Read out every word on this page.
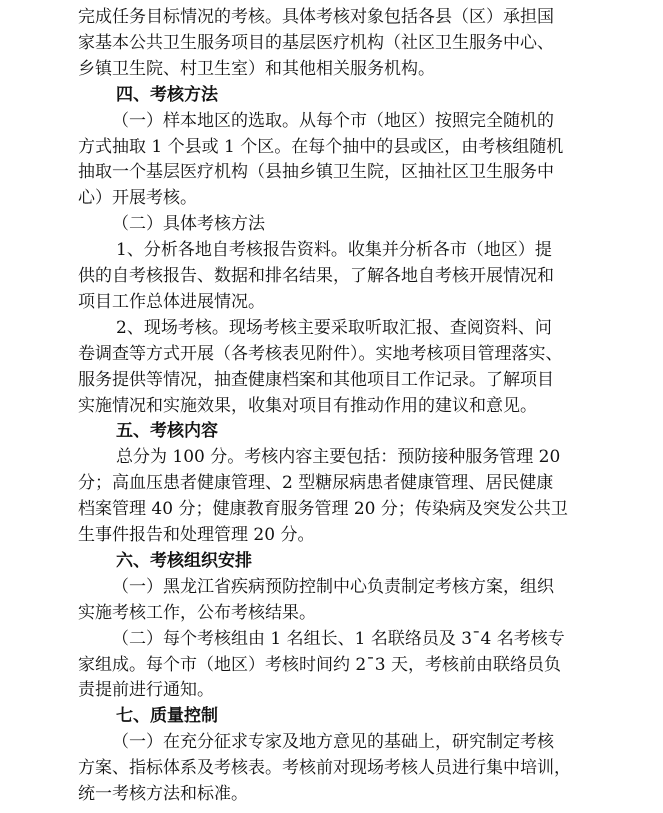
完成任务目标情况的考核。具体考核对象包括各县（区）承担国
家基本公共卫生服务项目的基层医疗机构（社区卫生服务中心、
乡镇卫生院、村卫生室）和其他相关服务机构。
四、考核方法
（一）样本地区的选取。从每个市（地区）按照完全随机的
方式抽取 1 个县或 1 个区。在每个抽中的县或区，由考核组随机
抽取一个基层医疗机构（县抽乡镇卫生院，区抽社区卫生服务中
心）开展考核。
（二）具体考核方法
1、分析各地自考核报告资料。收集并分析各市（地区）提
供的自考核报告、数据和排名结果，了解各地自考核开展情况和
项目工作总体进展情况。
2、现场考核。现场考核主要采取听取汇报、查阅资料、问
卷调查等方式开展（各考核表见附件）。实地考核项目管理落实、
服务提供等情况，抽查健康档案和其他项目工作记录。了解项目
实施情况和实施效果，收集对项目有推动作用的建议和意见。
五、考核内容
总分为 100 分。考核内容主要包括：预防接种服务管理 20
分；高血压患者健康管理、2 型糖尿病患者健康管理、居民健康
档案管理 40 分；健康教育服务管理 20 分；传染病及突发公共卫
生事件报告和处理管理 20 分。
六、考核组织安排
（一）黑龙江省疾病预防控制中心负责制定考核方案，组织
实施考核工作，公布考核结果。
（二）每个考核组由 1 名组长、1 名联络员及 3¯4 名考核专
家组成。每个市（地区）考核时间约 2¯3 天，考核前由联络员负
责提前进行通知。
七、质量控制
（一）在充分征求专家及地方意见的基础上，研究制定考核
方案、指标体系及考核表。考核前对现场考核人员进行集中培训，
统一考核方法和标准。
